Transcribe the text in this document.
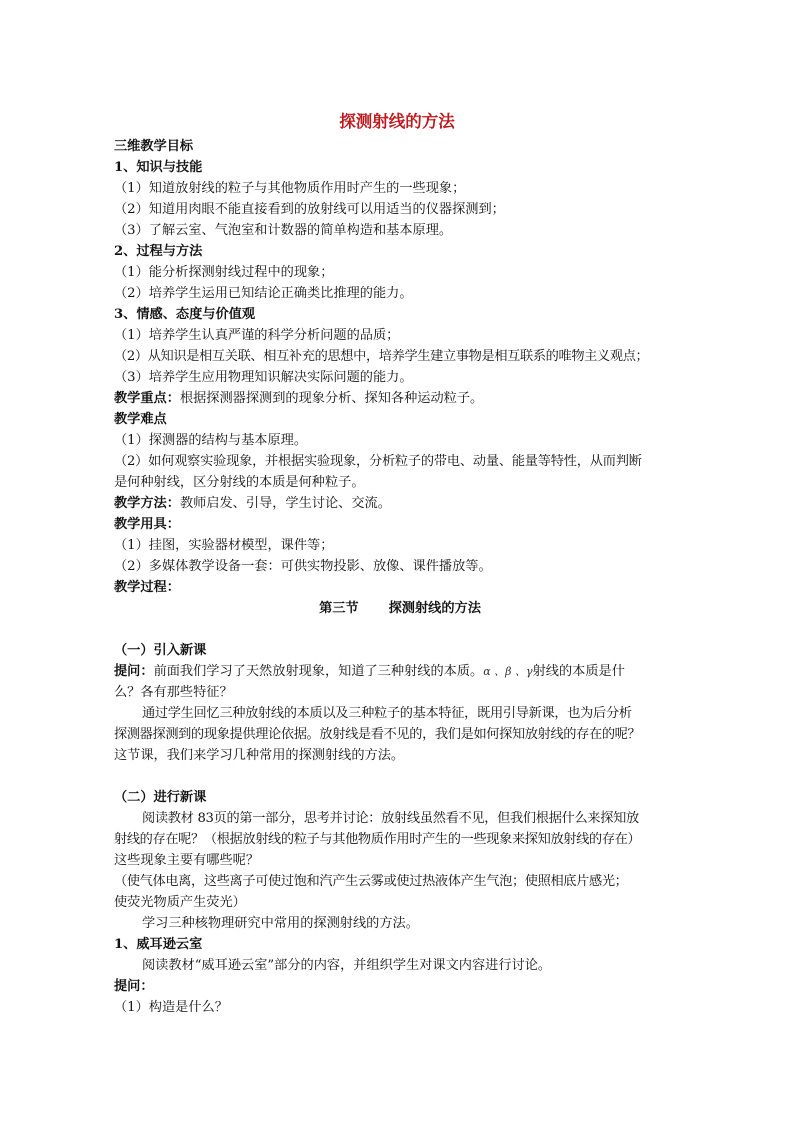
探测射线的方法
三维教学目标
1、知识与技能
（1）知道放射线的粒子与其他物质作用时产生的一些现象；
（2）知道用肉眼不能直接看到的放射线可以用适当的仪器探测到；
（3）了解云室、气泡室和计数器的简单构造和基本原理。
2、过程与方法
（1）能分析探测射线过程中的现象；
（2）培养学生运用已知结论正确类比推理的能力。
3、情感、态度与价值观
（1）培养学生认真严谨的科学分析问题的品质；
（2）从知识是相互关联、相互补充的思想中，培养学生建立事物是相互联系的唯物主义观点；
（3）培养学生应用物理知识解决实际问题的能力。
教学重点：根据探测器探测到的现象分析、探知各种运动粒子。
教学难点
（1）探测器的结构与基本原理。
（2）如何观察实验现象，并根据实验现象，分析粒子的带电、动量、能量等特性，从而判断
是何种射线，区分射线的本质是何种粒子。
教学方法：教师启发、引导，学生讨论、交流。
教学用具：
（1）挂图，实验器材模型，课件等；
（2）多媒体教学设备一套：可供实物投影、放像、课件播放等。
教学过程：
第三节 探测射线的方法
（一）引入新课
提问：前面我们学习了天然放射现象，知道了三种射线的本质。α 、β 、γ射线的本质是什
么？各有那些特征？
通过学生回忆三种放射线的本质以及三种粒子的基本特征，既用引导新课，也为后分析
探测器探测到的现象提供理论依据。放射线是看不见的，我们是如何探知放射线的存在的呢？
这节课，我们来学习几种常用的探测射线的方法。
（二）进行新课
阅读教材 83页的第一部分，思考并讨论：放射线虽然看不见，但我们根据什么来探知放
射线的存在呢？（根据放射线的粒子与其他物质作用时产生的一些现象来探知放射线的存在）
这些现象主要有哪些呢？
（使气体电离，这些离子可使过饱和汽产生云雾或使过热液体产生气泡；使照相底片感光；
使荧光物质产生荧光）
学习三种核物理研究中常用的探测射线的方法。
1、威耳逊云室
阅读教材“威耳逊云室”部分的内容，并组织学生对课文内容进行讨论。
提问：
（1）构造是什么？
